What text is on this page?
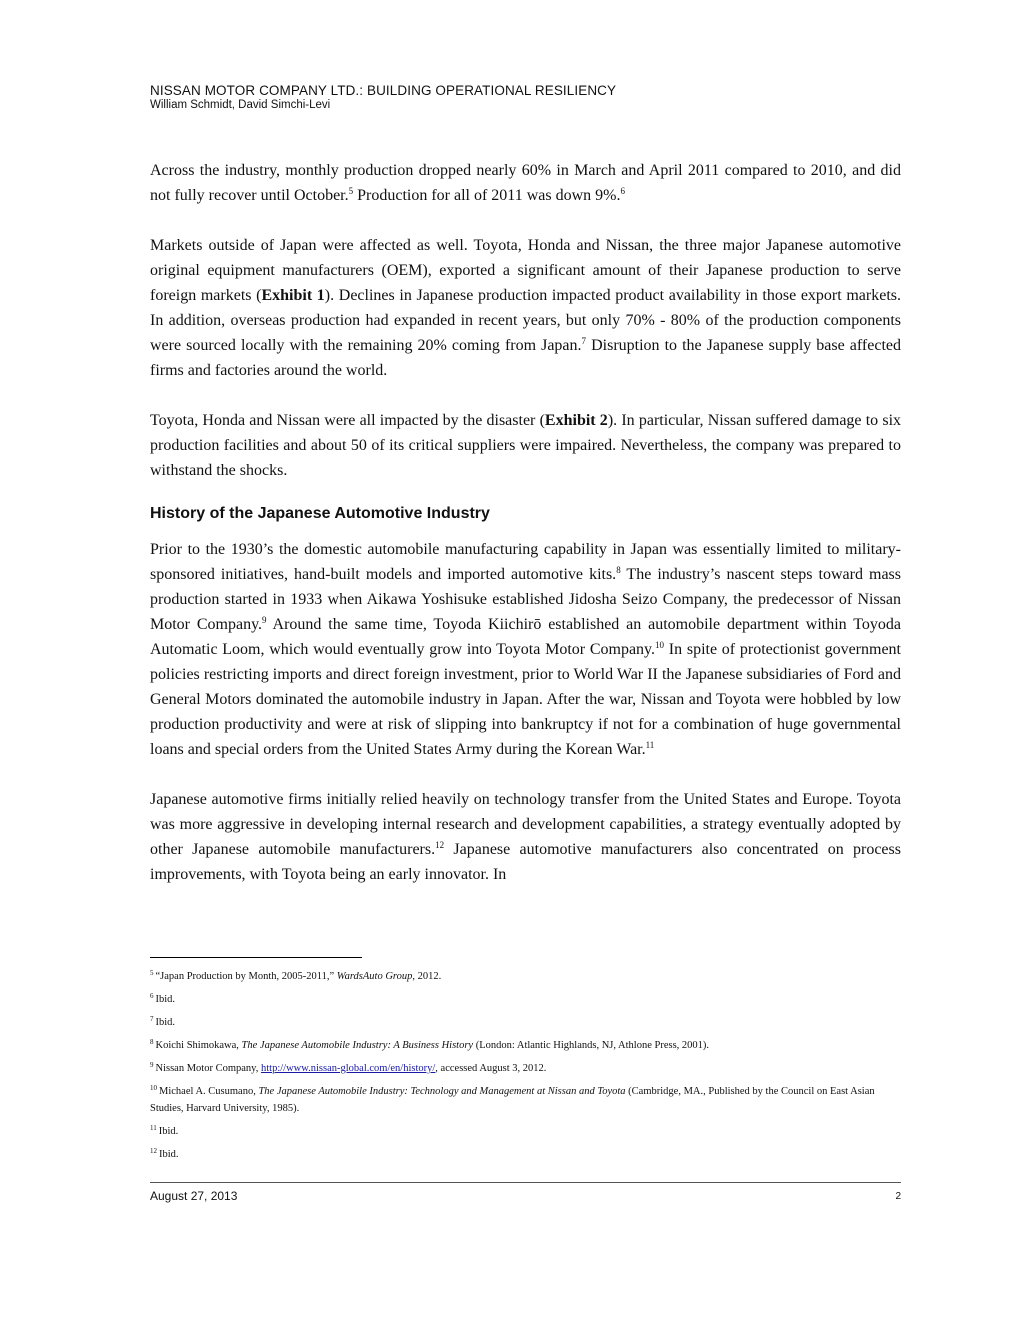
NISSAN MOTOR COMPANY LTD.: BUILDING OPERATIONAL RESILIENCY
William Schmidt, David Simchi-Levi

Across the industry, monthly production dropped nearly 60% in March and April 2011 compared to 2010, and did not fully recover until October.$^5$ Production for all of 2011 was down 9%.$^6$

Markets outside of Japan were affected as well. Toyota, Honda and Nissan, the three major Japanese automotive original equipment manufacturers (OEM), exported a significant amount of their Japanese production to serve foreign markets (Exhibit 1). Declines in Japanese production impacted product availability in those export markets. In addition, overseas production had expanded in recent years, but only 70% - 80% of the production components were sourced locally with the remaining 20% coming from Japan.$^7$ Disruption to the Japanese supply base affected firms and factories around the world.

Toyota, Honda and Nissan were all impacted by the disaster (Exhibit 2). In particular, Nissan suffered damage to six production facilities and about 50 of its critical suppliers were impaired. Nevertheless, the company was prepared to withstand the shocks.

History of the Japanese Automotive Industry

Prior to the 1930’s the domestic automobile manufacturing capability in Japan was essentially limited to military-sponsored initiatives, hand-built models and imported automotive kits.$^8$ The industry’s nascent steps toward mass production started in 1933 when Aikawa Yoshisuke established Jidosha Seizo Company, the predecessor of Nissan Motor Company.$^9$ Around the same time, Toyoda Kiichirō established an automobile department within Toyoda Automatic Loom, which would eventually grow into Toyota Motor Company.$^{10}$ In spite of protectionist government policies restricting imports and direct foreign investment, prior to World War II the Japanese subsidiaries of Ford and General Motors dominated the automobile industry in Japan. After the war, Nissan and Toyota were hobbled by low production productivity and were at risk of slipping into bankruptcy if not for a combination of huge governmental loans and special orders from the United States Army during the Korean War.$^{11}$

Japanese automotive firms initially relied heavily on technology transfer from the United States and Europe. Toyota was more aggressive in developing internal research and development capabilities, a strategy eventually adopted by other Japanese automobile manufacturers.$^{12}$ Japanese automotive manufacturers also concentrated on process improvements, with Toyota being an early innovator. In

$^5$ “Japan Production by Month, 2005-2011,” WardsAuto Group, 2012.
$^6$ Ibid.
$^7$ Ibid.
$^8$ Koichi Shimokawa, The Japanese Automobile Industry: A Business History (London: Atlantic Highlands, NJ, Athlone Press, 2001).
$^9$ Nissan Motor Company, http://www.nissan-global.com/en/history/, accessed August 3, 2012.
$^{10}$ Michael A. Cusumano, The Japanese Automobile Industry: Technology and Management at Nissan and Toyota (Cambridge, MA., Published by the Council on East Asian Studies, Harvard University, 1985).
$^{11}$ Ibid.
$^{12}$ Ibid.
August 27, 2013	2
